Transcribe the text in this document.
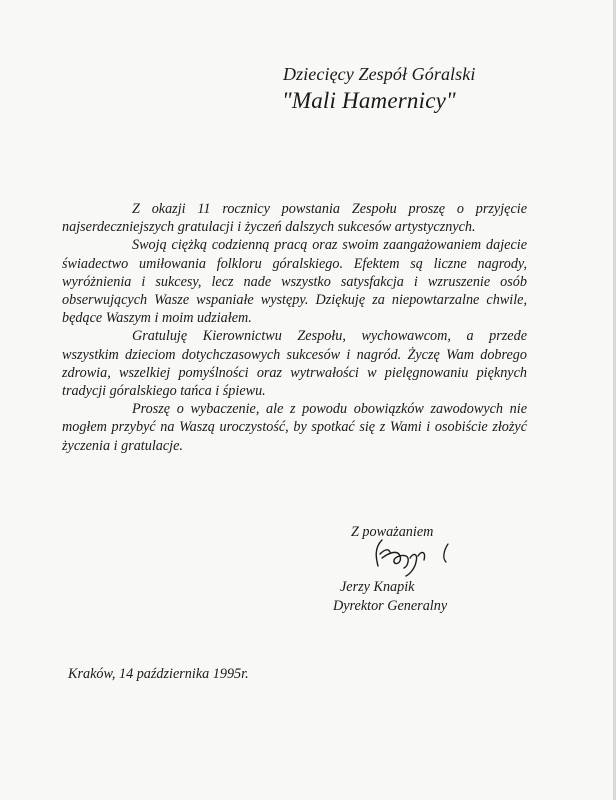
Dziecięcy Zespół Góralski
"Mali Hamernicy"

Z okazji 11 rocznicy powstania Zespołu proszę o przyjęcie najserdeczniejszych gratulacji i życzeń dalszych sukcesów artystycznych.

Swoją ciężką codzienną pracą oraz swoim zaangażowaniem dajecie świadectwo umiłowania folkloru góralskiego. Efektem są liczne nagrody, wyróżnienia i sukcesy, lecz nade wszystko satysfakcja i wzruszenie osób obserwujących Wasze wspaniałe występy. Dziękuję za niepowtarzalne chwile, będące Waszym i moim udziałem.

Gratuluję Kierownictwu Zespołu, wychowawcom, a przede wszystkim dzieciom dotychczasowych sukcesów i nagród. Życzę Wam dobrego zdrowia, wszelkiej pomyślności oraz wytrwałości w pielęgnowaniu pięknych tradycji góralskiego tańca i śpiewu.

Proszę o wybaczenie, ale z powodu obowiązków zawodowych nie mogłem przybyć na Waszą uroczystość, by spotkać się z Wami i osobiście złożyć życzenia i gratulacje.

Z poważaniem
Jerzy Knapik
Dyrektor Generalny
Kraków, 14 października 1995r.
